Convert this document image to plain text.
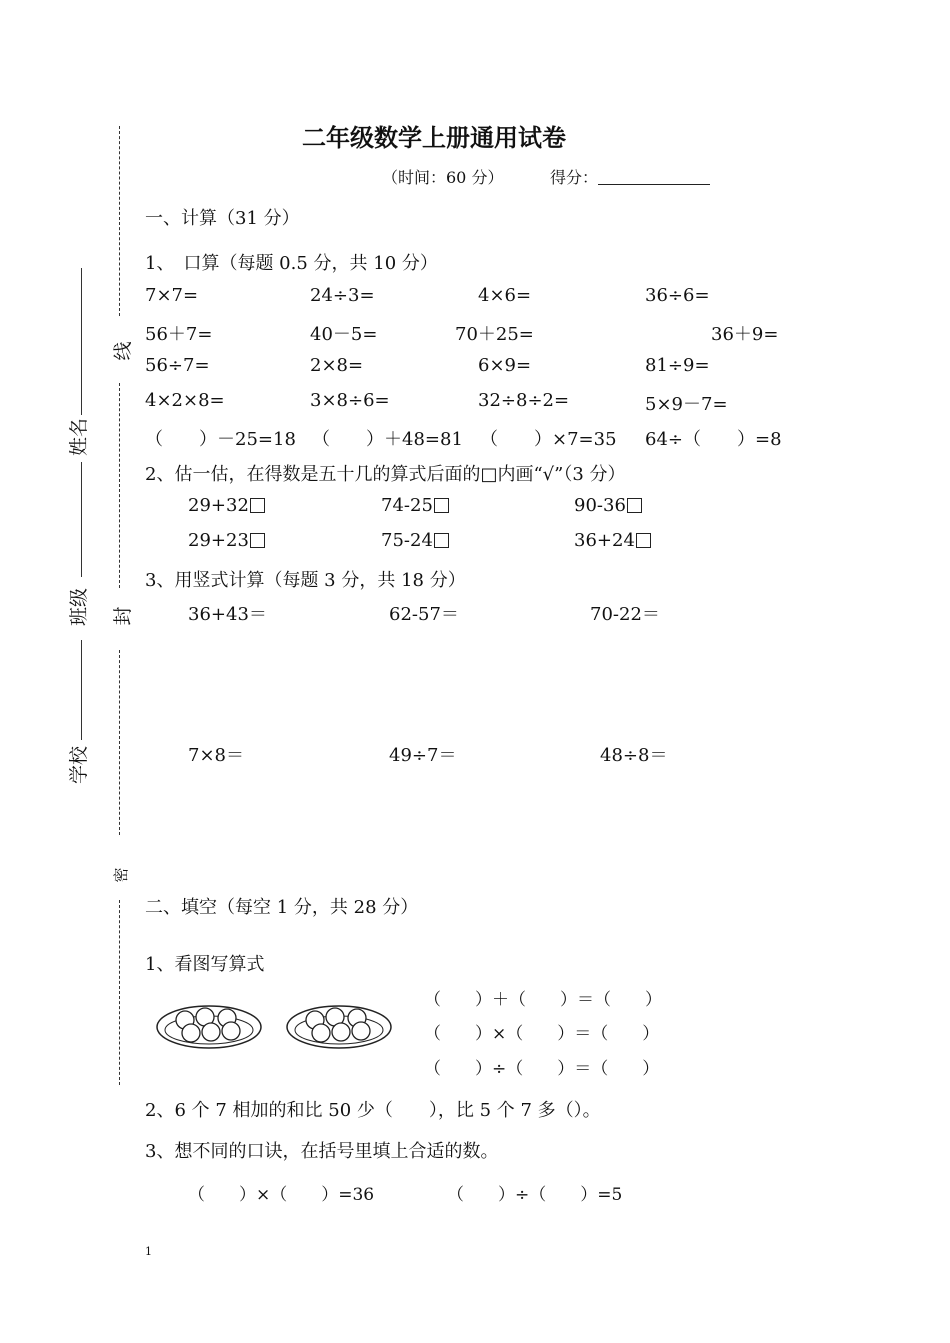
线
封
密
姓名
班级
学校
二年级数学上册通用试卷
（时间：60 分）	得分：
一、计算（31 分）
1、　口算（每题 0.5 分，共 10 分）
7×7=	24÷3=	4×6=	36÷6=
56＋7=	40－5=	70＋25=	36＋9=
56÷7=	2×8=	6×9=	81÷9=
4×2×8=	3×8÷6=	32÷8÷2=	5×9－7=
（　　）－25=18 （　　）＋48=81 （　　）×7=35 64÷（　　）=8
2、估一估，在得数是五十几的算式后面的□内画“√”（3 分）
29+32	74-25	90-36
29+23	75-24	36+24
3、用竖式计算（每题 3 分，共 18 分）
36+43＝	62-57＝	70-22＝
7×8＝	49÷7＝	48÷8＝
二、填空（每空 1 分，共 28 分）
1、看图写算式
（　　）＋（　　）＝（　　）
（　　）×（　　）＝（　　）
（　　）÷（　　）＝（　　）
2、6 个 7 相加的和比 50 少（　　），比 5 个 7 多（）。
3、想不同的口诀，在括号里填上合适的数。
（　　）×（　　）=36	（　　）÷（　　）=5
1
